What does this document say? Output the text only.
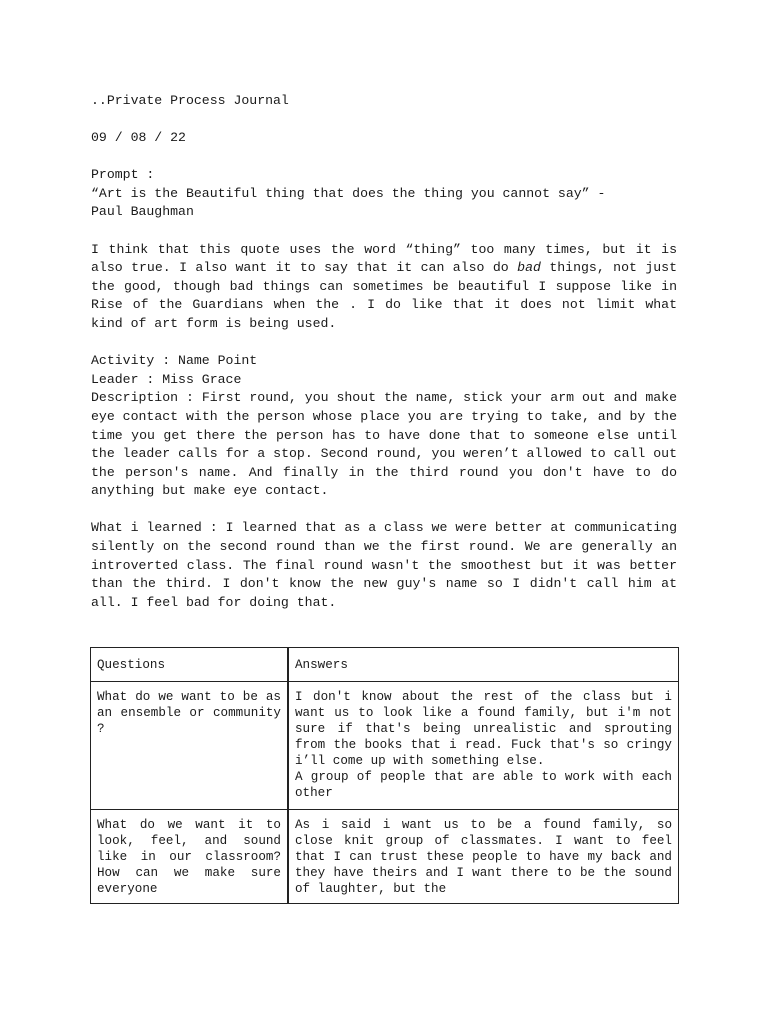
..Private Process Journal

09 / 08 / 22

Prompt :

“Art is the Beautiful thing that does the thing you cannot say” -

Paul Baughman

I think that this quote uses the word “thing” too many times, but it is also true. I also want it to say that it can also do bad things, not just the good, though bad things can sometimes be beautiful I suppose like in Rise of the Guardians when the . I do like that it does not limit what kind of art form is being used.

Activity : Name Point

Leader : Miss Grace

Description : First round, you shout the name, stick your arm out and make eye contact with the person whose place you are trying to take, and by the time you get there the person has to have done that to someone else until the leader calls for a stop. Second round, you weren’t allowed to call out the person's name. And finally in the third round you don't have to do anything but make eye contact.

What i learned : I learned that as a class we were better at communicating silently on the second round than we the first round. We are generally an introverted class. The final round wasn't the smoothest but it was better than the third. I don't know the new guy's name so I didn't call him at all. I feel bad for doing that.

Questions	Answers
What do we want to be as an ensemble or community ?
I don't know about the rest of the class but i want us to look like a found family, but i'm not sure if that's being unrealistic and sprouting from the books that i read. Fuck that's so cringy i’ll come up with something else.
A group of people that are able to work with each other
What do we want it to look, feel, and sound like in our classroom? How can we make sure everyone
As i said i want us to be a found family, so close knit group of classmates. I want to feel that I can trust these people to have my back and they have theirs and I want there to be the sound of laughter, but the
